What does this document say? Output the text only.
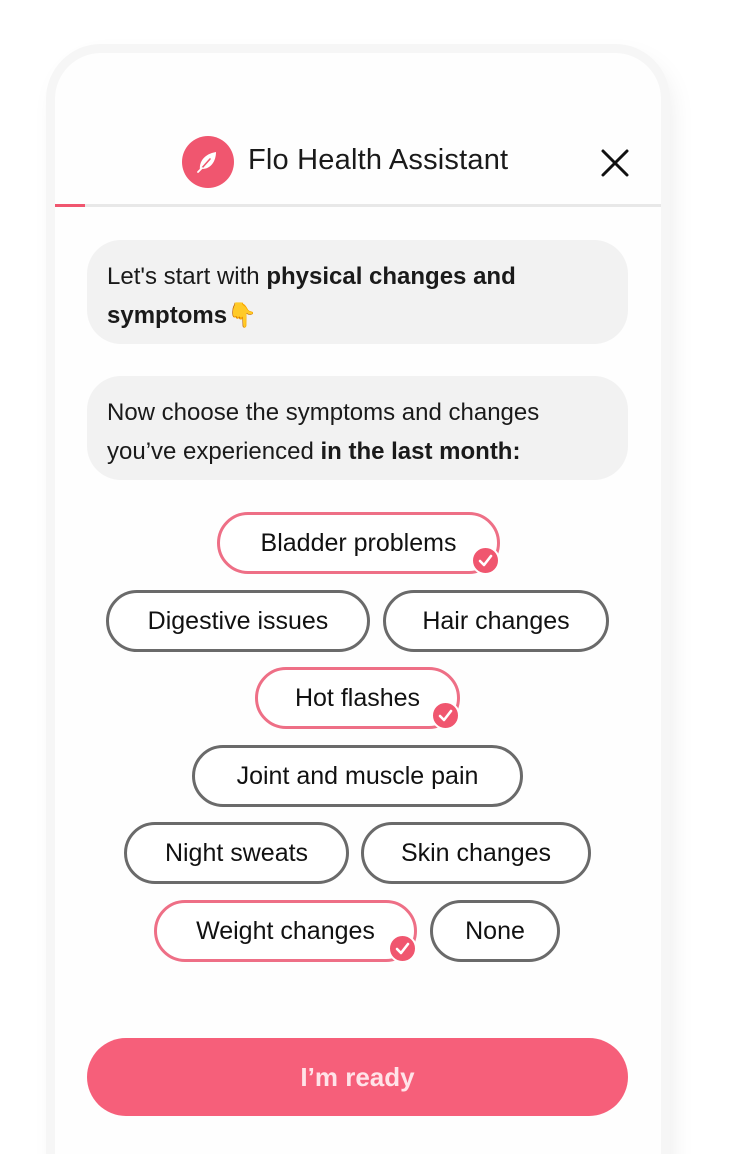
Flo Health Assistant
Let's start with physical changes and symptoms👇
Now choose the symptoms and changes you’ve experienced in the last month:
Bladder problems
Digestive issues	Hair changes
Hot flashes
Joint and muscle pain
Night sweats	Skin changes
Weight changes	None
I’m ready
